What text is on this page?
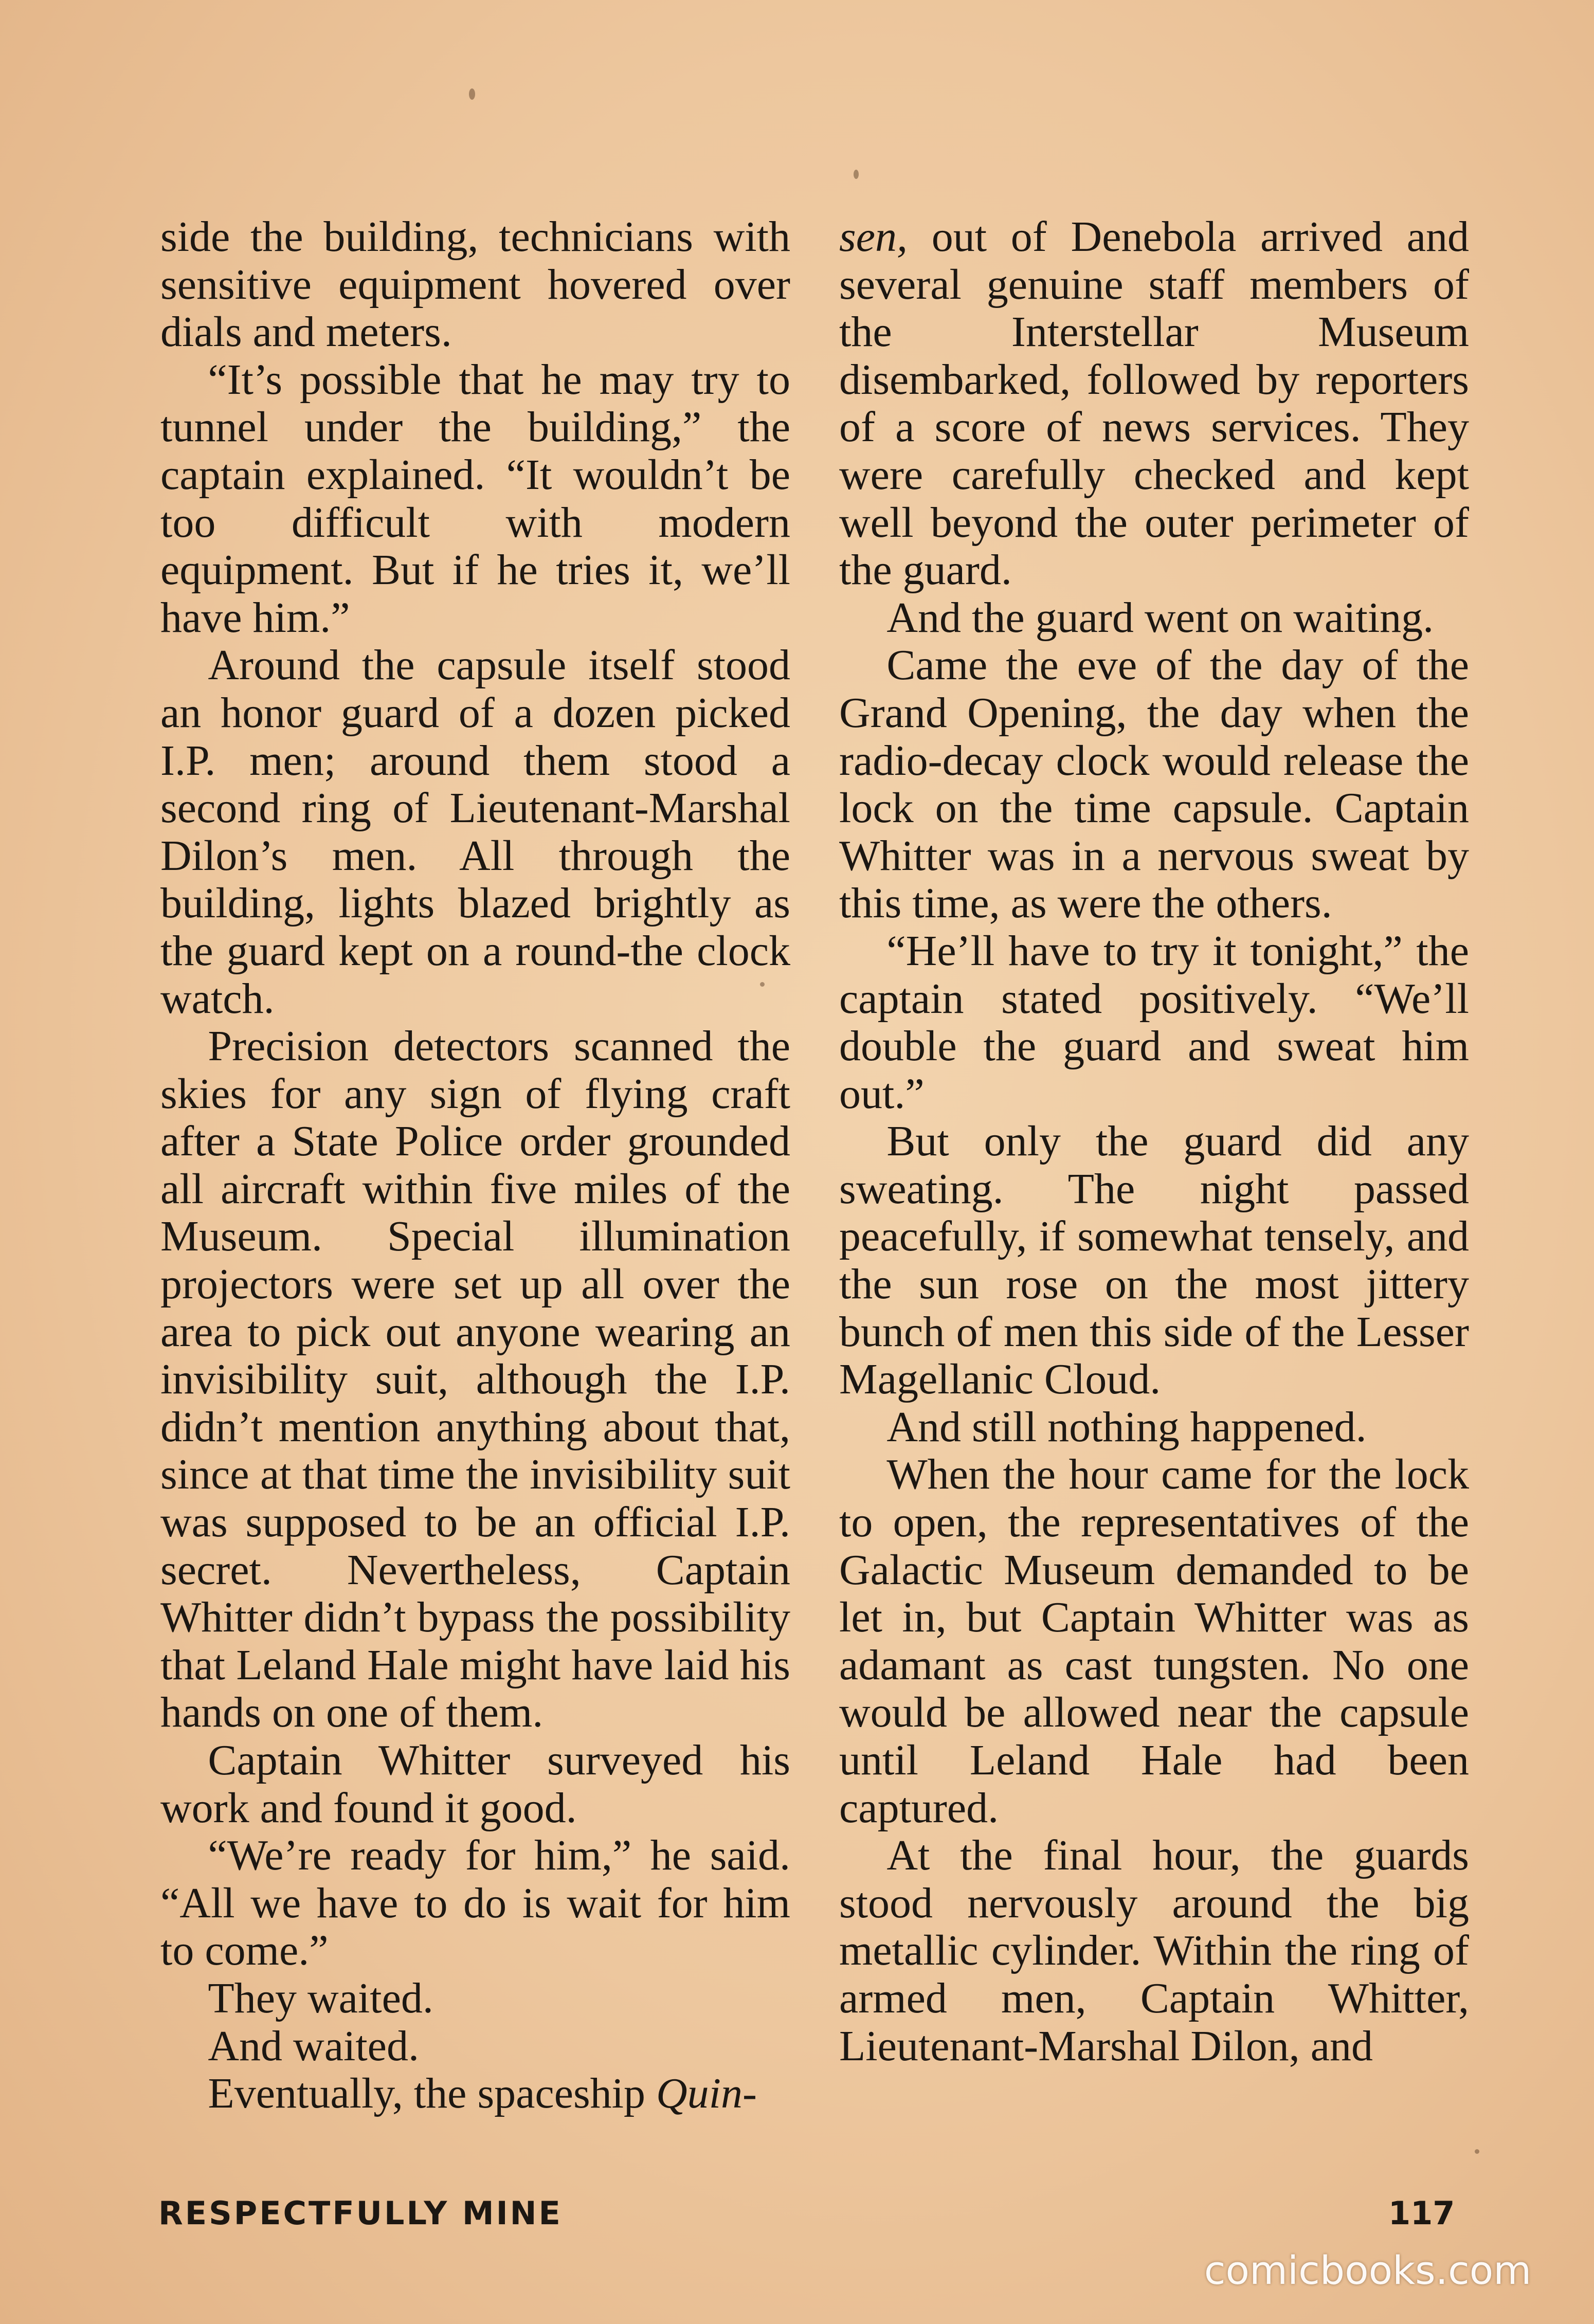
side the building, technicians with sensitive equipment hovered over dials and meters.

“It’s possible that he may try to tunnel under the building,” the captain explained. “It wouldn’t be too difficult with modern equipment. But if he tries it, we’ll have him.”

Around the capsule itself stood an honor guard of a dozen picked I.P. men; around them stood a second ring of Lieutenant-Marshal Dilon’s men. All through the building, lights blazed brightly as the guard kept on a round-the clock watch.

Precision detectors scanned the skies for any sign of flying craft after a State Police order grounded all aircraft within five miles of the Museum. Special illumination projectors were set up all over the area to pick out anyone wearing an invisibility suit, although the I.P. didn’t mention anything about that, since at that time the invisibility suit was supposed to be an official I.P. secret. Nevertheless, Captain Whitter didn’t bypass the possibility that Leland Hale might have laid his hands on one of them.

Captain Whitter surveyed his work and found it good.

“We’re ready for him,” he said. “All we have to do is wait for him to come.”

They waited.

And waited.

Eventually, the spaceship Quin-

sen, out of Denebola arrived and several genuine staff members of the Interstellar Museum disembarked, followed by reporters of a score of news services. They were carefully checked and kept well beyond the outer perimeter of the guard.

And the guard went on waiting.

Came the eve of the day of the Grand Opening, the day when the radio-decay clock would release the lock on the time capsule. Captain Whitter was in a nervous sweat by this time, as were the others.

“He’ll have to try it tonight,” the captain stated positively. “We’ll double the guard and sweat him out.”

But only the guard did any sweating. The night passed peacefully, if somewhat tensely, and the sun rose on the most jittery bunch of men this side of the Lesser Magellanic Cloud.

And still nothing happened.

When the hour came for the lock to open, the representatives of the Galactic Museum demanded to be let in, but Captain Whitter was as adamant as cast tungsten. No one would be allowed near the capsule until Leland Hale had been captured.

At the final hour, the guards stood nervously around the big metallic cylinder. Within the ring of armed men, Captain Whitter, Lieutenant-Marshal Dilon, and

RESPECTFULLY MINE	117
comicbooks.com
